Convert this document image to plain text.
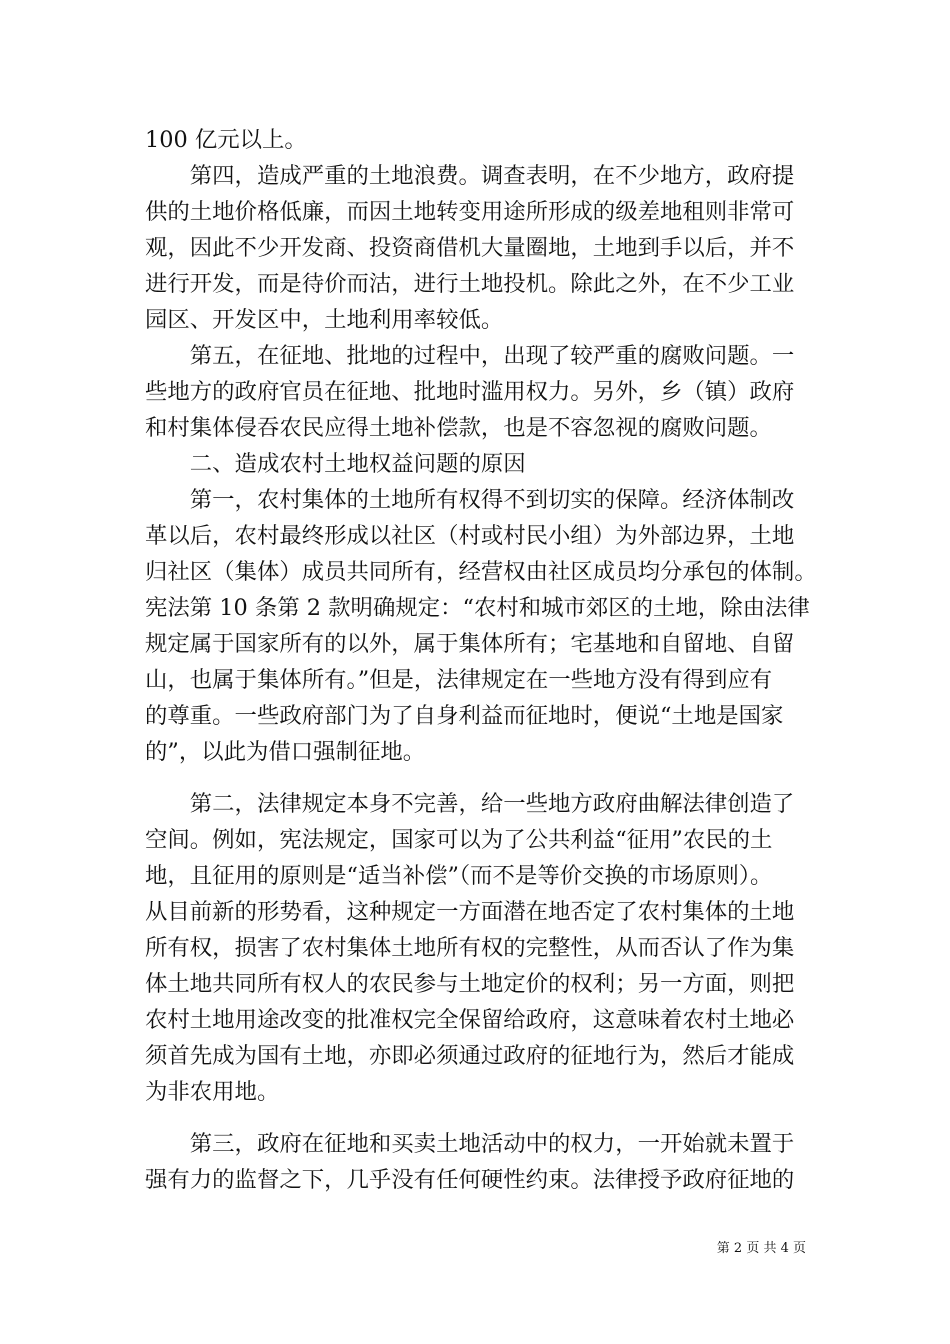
100 亿元以上。
　　第四，造成严重的土地浪费。调查表明，在不少地方，政府提
供的土地价格低廉，而因土地转变用途所形成的级差地租则非常可
观，因此不少开发商、投资商借机大量圈地，土地到手以后，并不
进行开发，而是待价而沽，进行土地投机。除此之外，在不少工业
园区、开发区中，土地利用率较低。
　　第五，在征地、批地的过程中，出现了较严重的腐败问题。一
些地方的政府官员在征地、批地时滥用权力。另外，乡（镇）政府
和村集体侵吞农民应得土地补偿款，也是不容忽视的腐败问题。
　　二、造成农村土地权益问题的原因
　　第一，农村集体的土地所有权得不到切实的保障。经济体制改
革以后，农村最终形成以社区（村或村民小组）为外部边界，土地
归社区（集体）成员共同所有，经营权由社区成员均分承包的体制。
宪法第 10 条第 2 款明确规定：“农村和城市郊区的土地，除由法律
规定属于国家所有的以外，属于集体所有；宅基地和自留地、自留
山，也属于集体所有。”但是，法律规定在一些地方没有得到应有
的尊重。一些政府部门为了自身利益而征地时，便说“土地是国家
的”，以此为借口强制征地。
　　第二，法律规定本身不完善，给一些地方政府曲解法律创造了
空间。例如，宪法规定，国家可以为了公共利益“征用”农民的土
地，且征用的原则是“适当补偿”（而不是等价交换的市场原则）。
从目前新的形势看，这种规定一方面潜在地否定了农村集体的土地
所有权，损害了农村集体土地所有权的完整性，从而否认了作为集
体土地共同所有权人的农民参与土地定价的权利；另一方面，则把
农村土地用途改变的批准权完全保留给政府，这意味着农村土地必
须首先成为国有土地，亦即必须通过政府的征地行为，然后才能成
为非农用地。
　　第三，政府在征地和买卖土地活动中的权力，一开始就未置于
强有力的监督之下，几乎没有任何硬性约束。法律授予政府征地的
第 2 页 共 4 页
